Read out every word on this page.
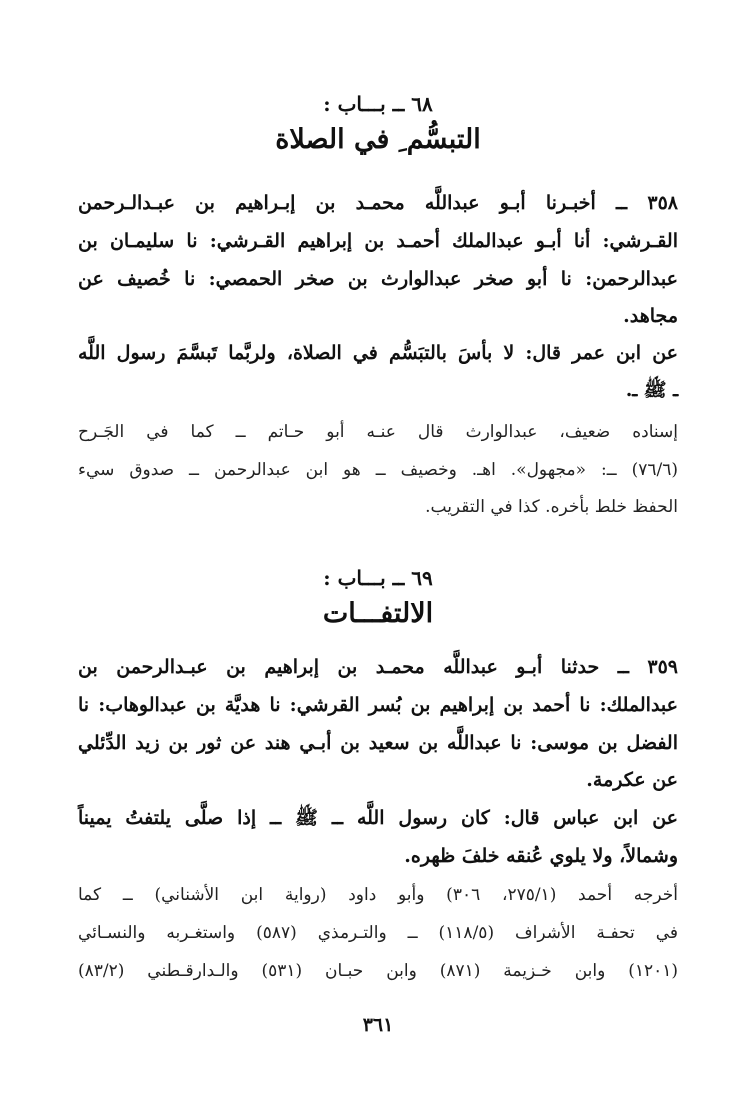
٦٨ ــ بـــاب :
التبسُّم ِ في الصلاة
٣٥٨ ــ أخبـرنا أبـو عبداللَّه محمـد بن إبـراهيم بن عبـدالـرحمن
القـرشي: أنا أبـو عبدالملك أحمـد بن إبراهيم القـرشي: نا سليمـان بن
عبدالرحمن: نا أبو صخر عبدالوارث بن صخر الحمصي: نا خُصيف عن
مجاهد.
عن ابن عمر قال: لا بأسَ بالتبَسُّم في الصلاة، ولربَّما تَبسَّمَ رسول اللَّه
ــ ﷺ ــ.
إسناده ضعيف، عبدالوارث قال عنـه أبو حـاتم ــ كما في الجَـرح
(٧٦/٦) ــ: «مجهول». اهـ. وخصيف ــ هو ابن عبدالرحمن ــ صدوق سيء
الحفظ خلط بأخره. كذا في التقريب.
٦٩ ــ بـــاب :
الالتفـــات
٣٥٩ ــ حدثنا أبـو عبداللَّه محمـد بن إبراهيم بن عبـدالرحمن بن
عبدالملك: نا أحمد بن إبراهيم بن بُسر القرشي: نا هديَّة بن عبدالوهاب: نا
الفضل بن موسى: نا عبداللَّه بن سعيد بن أبـي هند عن ثور بن زيد الدِّئلي
عن عكرمة.
عن ابن عباس قال: كان رسول اللَّه ــ ﷺ ــ إذا صلَّى يلتفتُ يميناً
وشمالاً، ولا يلوي عُنقه خلفَ ظهره.
أخرجه أحمد (٢٧٥/١، ٣٠٦) وأبو داود (رواية ابن الأشناني) ــ كما
في تحفـة الأشراف (١١٨/٥) ــ والتـرمذي (٥٨٧) واستغـربه والنسـائي
(١٢٠١) وابن خـزيمة (٨٧١) وابن حبـان (٥٣١) والـدارقـطني (٨٣/٢)
٣٦١
